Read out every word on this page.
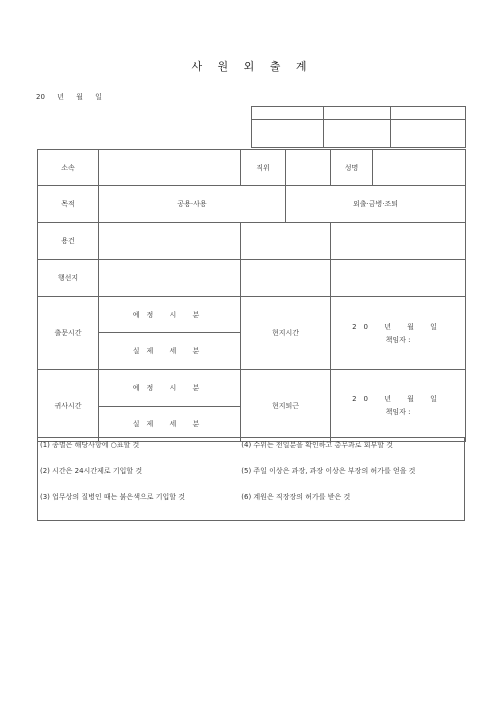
사 원 외 출 계
20 년 월 일

소속		직위		성명	
목적	공용·사용		외출·금병·조퇴		
용건					
행선지					
출문시간	예정 시 분	현지시간		20 년 월 일
책임자 :	

	실제 세 분				
귀사시간	예정 시 분	현지퇴근		20 년 월 일
책임자 :	

	실제 세 분				
(1) 종별은 해당사항에 ○표할 것
(2) 시간은 24시간제로 기입할 것
(3) 업무상의 질병인 때는 붉은색으로 기입할 것

(4) 수위는 전일분을 확인하고 총무과로 회부할 것
(5) 주일 이상은 과장, 과장 이상은 부장의 허가를 얻을 것
(6) 계원은 직장장의 허가를 받은 것
